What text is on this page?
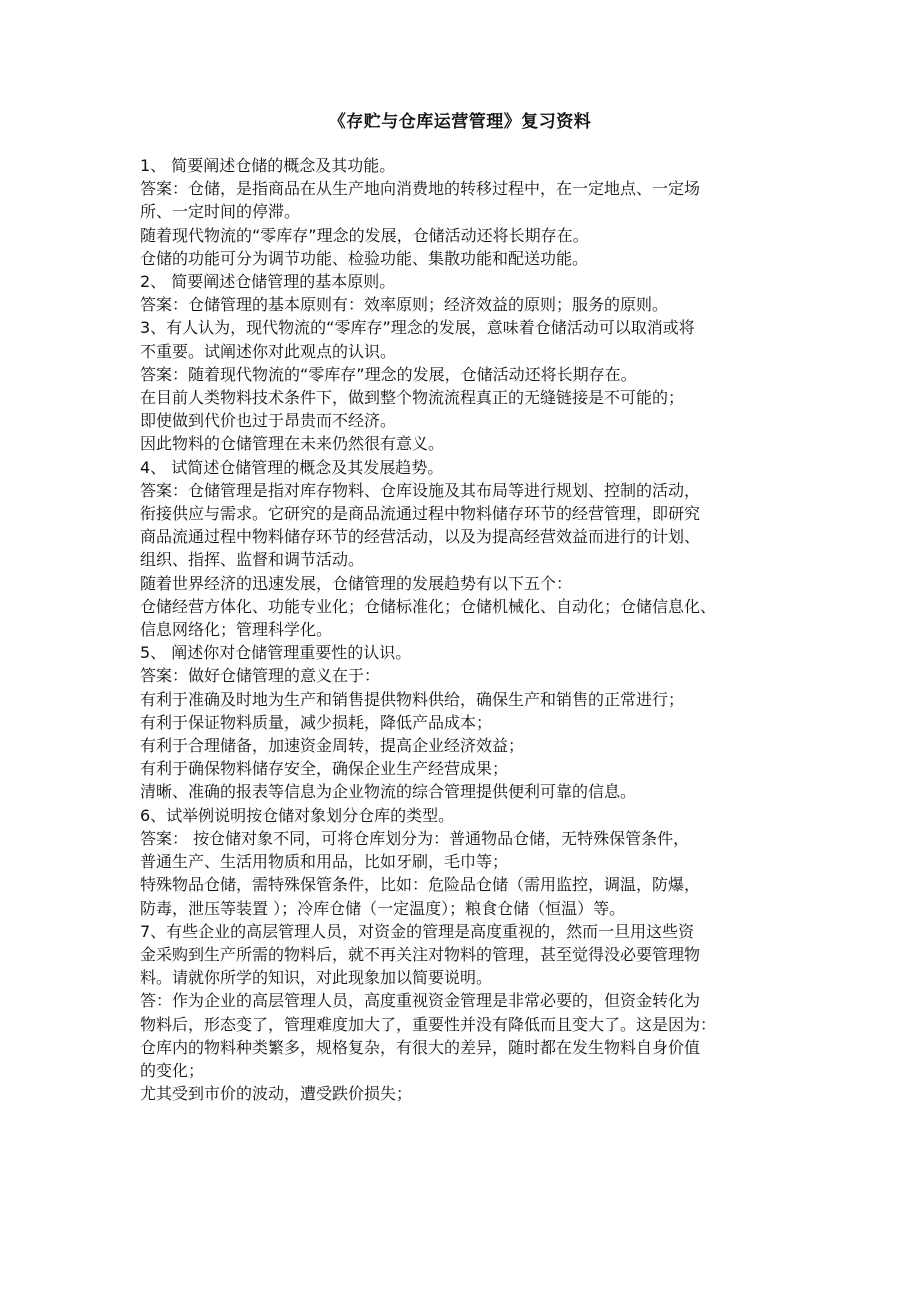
《存贮与仓库运营管理》复习资料
1、 简要阐述仓储的概念及其功能。
答案：仓储，是指商品在从生产地向消费地的转移过程中，在一定地点、一定场
所、一定时间的停滞。
随着现代物流的“零库存”理念的发展，仓储活动还将长期存在。
仓储的功能可分为调节功能、检验功能、集散功能和配送功能。
2、 简要阐述仓储管理的基本原则。
答案：仓储管理的基本原则有：效率原则；经济效益的原则；服务的原则。
3、有人认为，现代物流的“零库存”理念的发展，意味着仓储活动可以取消或将
不重要。试阐述你对此观点的认识。
答案：随着现代物流的“零库存”理念的发展，仓储活动还将长期存在。
在目前人类物料技术条件下，做到整个物流流程真正的无缝链接是不可能的；
即使做到代价也过于昂贵而不经济。
因此物料的仓储管理在未来仍然很有意义。
4、 试简述仓储管理的概念及其发展趋势。
答案：仓储管理是指对库存物料、仓库设施及其布局等进行规划、控制的活动，
衔接供应与需求。它研究的是商品流通过程中物料储存环节的经营管理，即研究
商品流通过程中物料储存环节的经营活动，以及为提高经营效益而进行的计划、
组织、指挥、监督和调节活动。
随着世界经济的迅速发展，仓储管理的发展趋势有以下五个：
仓储经营方体化、功能专业化；仓储标准化；仓储机械化、自动化；仓储信息化、
信息网络化；管理科学化。
5、 阐述你对仓储管理重要性的认识。
答案：做好仓储管理的意义在于：
有利于准确及时地为生产和销售提供物料供给，确保生产和销售的正常进行；
有利于保证物料质量，减少损耗，降低产品成本；
有利于合理储备，加速资金周转，提高企业经济效益；
有利于确保物料储存安全，确保企业生产经营成果；
清晰、准确的报表等信息为企业物流的综合管理提供便利可靠的信息。
6、试举例说明按仓储对象划分仓库的类型。
答案： 按仓储对象不同，可将仓库划分为：普通物品仓储，无特殊保管条件，
普通生产、生活用物质和用品，比如牙刷，毛巾等；
特殊物品仓储，需特殊保管条件，比如：危险品仓储（需用监控，调温，防爆，
防毒，泄压等装置 ）；冷库仓储（一定温度）；粮食仓储（恒温）等。
7、有些企业的高层管理人员，对资金的管理是高度重视的，然而一旦用这些资
金采购到生产所需的物料后，就不再关注对物料的管理，甚至觉得没必要管理物
料。请就你所学的知识，对此现象加以简要说明。
答：作为企业的高层管理人员，高度重视资金管理是非常必要的，但资金转化为
物料后，形态变了，管理难度加大了，重要性并没有降低而且变大了。这是因为：
仓库内的物料种类繁多，规格复杂，有很大的差异，随时都在发生物料自身价值
的变化；
尤其受到市价的波动，遭受跌价损失；
